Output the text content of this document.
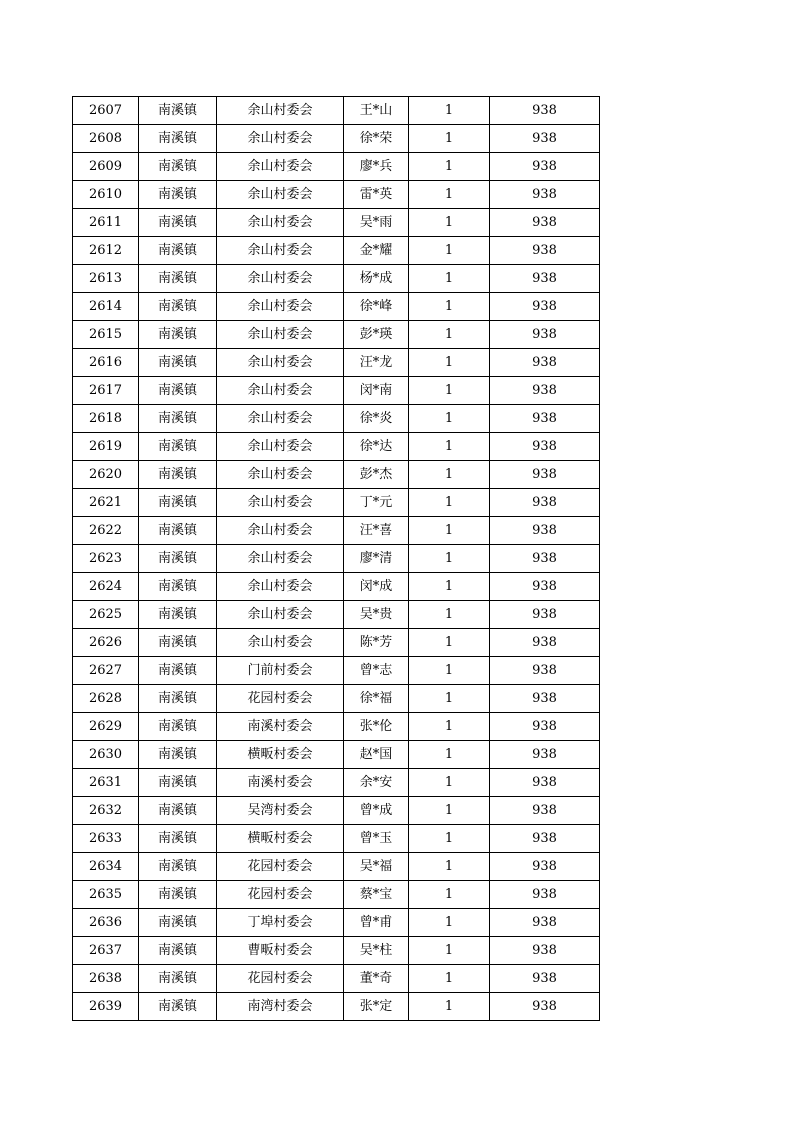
2607	南溪镇	余山村委会	王*山	1	938
2608	南溪镇	余山村委会	徐*荣	1	938
2609	南溪镇	余山村委会	廖*兵	1	938
2610	南溪镇	余山村委会	雷*英	1	938
2611	南溪镇	余山村委会	吴*雨	1	938
2612	南溪镇	余山村委会	金*耀	1	938
2613	南溪镇	余山村委会	杨*成	1	938
2614	南溪镇	余山村委会	徐*峰	1	938
2615	南溪镇	余山村委会	彭*瑛	1	938
2616	南溪镇	余山村委会	汪*龙	1	938
2617	南溪镇	余山村委会	闵*南	1	938
2618	南溪镇	余山村委会	徐*炎	1	938
2619	南溪镇	余山村委会	徐*达	1	938
2620	南溪镇	余山村委会	彭*杰	1	938
2621	南溪镇	余山村委会	丁*元	1	938
2622	南溪镇	余山村委会	汪*喜	1	938
2623	南溪镇	余山村委会	廖*清	1	938
2624	南溪镇	余山村委会	闵*成	1	938
2625	南溪镇	余山村委会	吴*贵	1	938
2626	南溪镇	余山村委会	陈*芳	1	938
2627	南溪镇	门前村委会	曾*志	1	938
2628	南溪镇	花园村委会	徐*福	1	938
2629	南溪镇	南溪村委会	张*伦	1	938
2630	南溪镇	横畈村委会	赵*国	1	938
2631	南溪镇	南溪村委会	余*安	1	938
2632	南溪镇	吴湾村委会	曾*成	1	938
2633	南溪镇	横畈村委会	曾*玉	1	938
2634	南溪镇	花园村委会	吴*福	1	938
2635	南溪镇	花园村委会	蔡*宝	1	938
2636	南溪镇	丁埠村委会	曾*甫	1	938
2637	南溪镇	曹畈村委会	吴*柱	1	938
2638	南溪镇	花园村委会	董*奇	1	938
2639	南溪镇	南湾村委会	张*定	1	938
